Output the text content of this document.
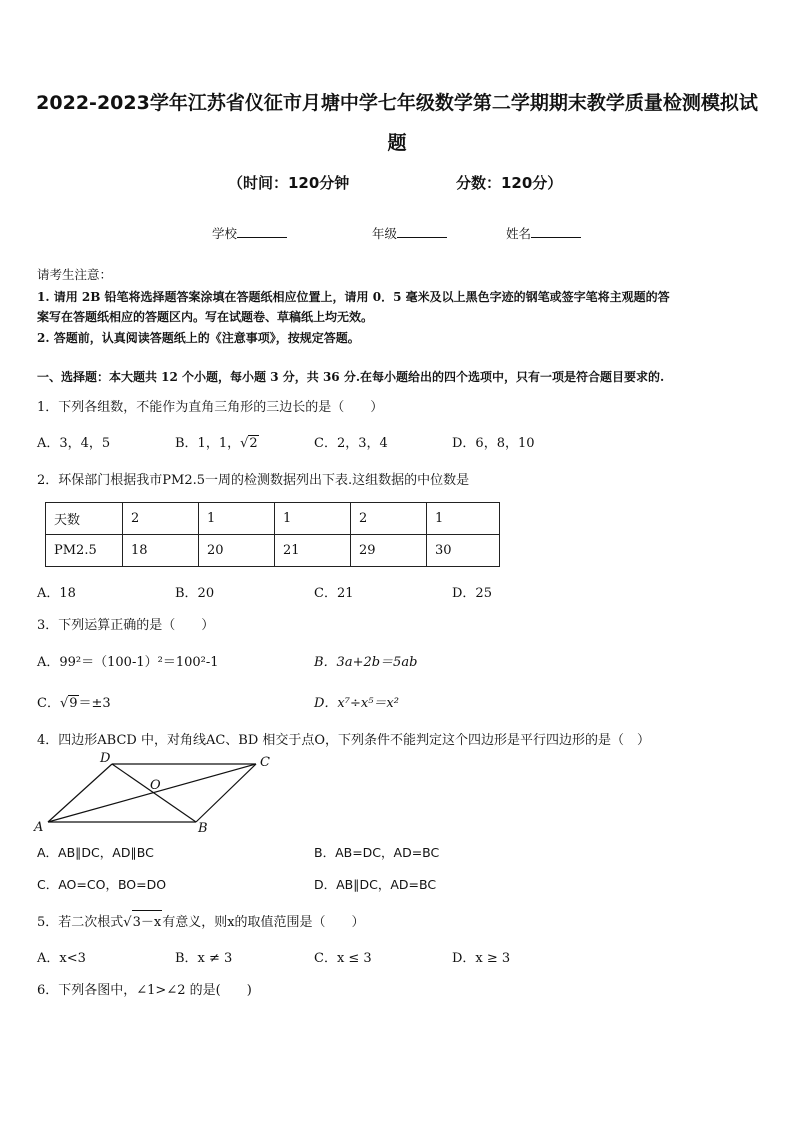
2022-2023学年江苏省仪征市月塘中学七年级数学第二学期期末教学质量检测模拟试
题
（时间：120分钟	分数：120分）
学校	年级	姓名
请考生注意：
1. 请用 2B 铅笔将选择题答案涂填在答题纸相应位置上，请用 0．5 毫米及以上黑色字迹的钢笔或签字笔将主观题的答
案写在答题纸相应的答题区内。写在试题卷、草稿纸上均无效。
2. 答题前，认真阅读答题纸上的《注意事项》，按规定答题。
一、选择题：本大题共 12 个小题，每小题 3 分，共 36 分.在每小题给出的四个选项中，只有一项是符合题目要求的.
1．下列各组数，不能作为直角三角形的三边长的是（　　）
A．3，4，5	B．1，1，√2	C．2，3，4	D．6，8，10
2．环保部门根据我市PM2.5一周的检测数据列出下表.这组数据的中位数是
天数	2	1	1	2	1
PM2.5	18	20	21	29	30
A．18	B．20	C．21	D．25
3．下列运算正确的是（　　）
A．99²＝（100-1）²＝100²-1	B．3a+2b＝5ab
C．√9＝±3	D．x⁷÷x⁵＝x²
4．四边形ABCD 中，对角线AC、BD 相交于点O，下列条件不能判定这个四边形是平行四边形的是（　）
A	B
C
D
O
A．AB∥DC，AD∥BC	B．AB=DC，AD=BC
C．AO=CO，BO=DO	D．AB∥DC，AD=BC
5．若二次根式√3－x有意义，则x的取值范围是（　　）
A．x<3	B．x ≠ 3	C．x ≤ 3	D．x ≥ 3
6．下列各图中，∠1>∠2 的是(　　)
